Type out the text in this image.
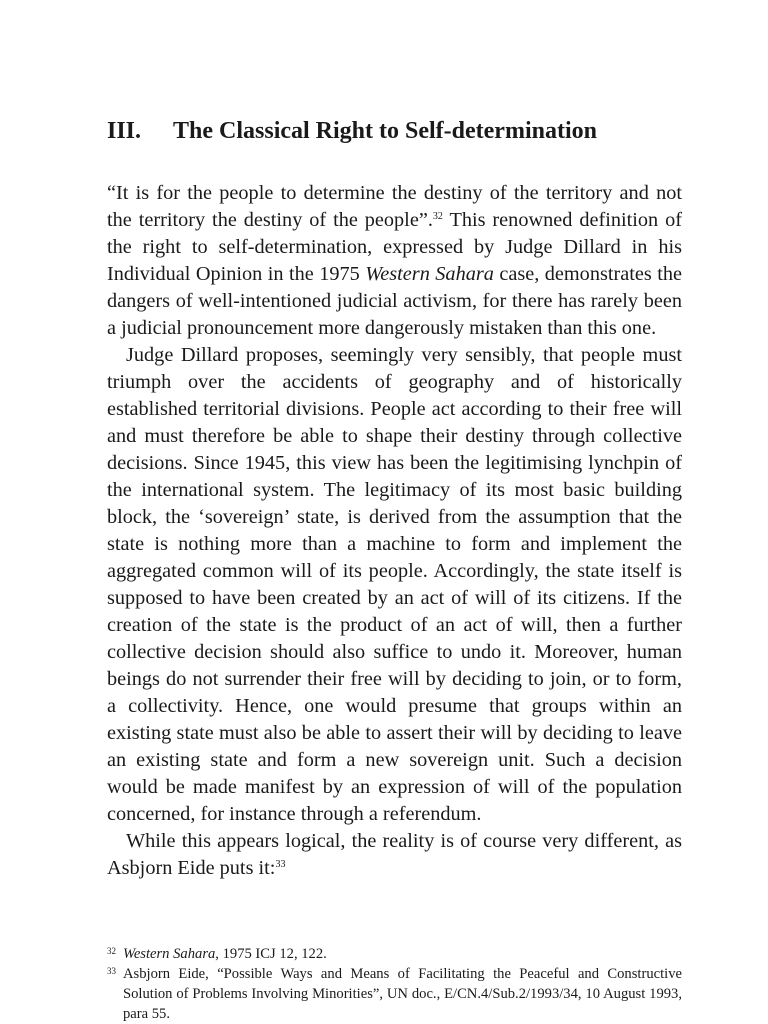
III. The Classical Right to Self-determination

“It is for the people to determine the destiny of the territory and not the territory the destiny of the people”.$^{32}$ This renowned definition of the right to self-determination, expressed by Judge Dillard in his Individual Opinion in the 1975 Western Sahara case, demonstrates the dangers of well-intentioned judicial activism, for there has rarely been a judicial pronouncement more dangerously mistaken than this one.

Judge Dillard proposes, seemingly very sensibly, that people must triumph over the accidents of geography and of historically established territorial divisions. People act according to their free will and must therefore be able to shape their destiny through collective decisions. Since 1945, this view has been the legitimising lynchpin of the international system. The legitimacy of its most basic building block, the ‘sovereign’ state, is derived from the assumption that the state is nothing more than a machine to form and implement the aggregated common will of its people. Accordingly, the state itself is supposed to have been created by an act of will of its citizens. If the creation of the state is the product of an act of will, then a further collective decision should also suffice to undo it. Moreover, human beings do not surrender their free will by deciding to join, or to form, a collectivity. Hence, one would presume that groups within an existing state must also be able to assert their will by deciding to leave an existing state and form a new sovereign unit. Such a decision would be made manifest by an expression of will of the population concerned, for instance through a referendum.

While this appears logical, the reality is of course very different, as Asbjorn Eide puts it:$^{33}$

32 Western Sahara, 1975 ICJ 12, 122.
33 Asbjorn Eide, “Possible Ways and Means of Facilitating the Peaceful and Constructive Solution of Problems Involving Minorities”, UN doc., E/CN.4/Sub.2/1993/34, 10 August 1993, para 55.
